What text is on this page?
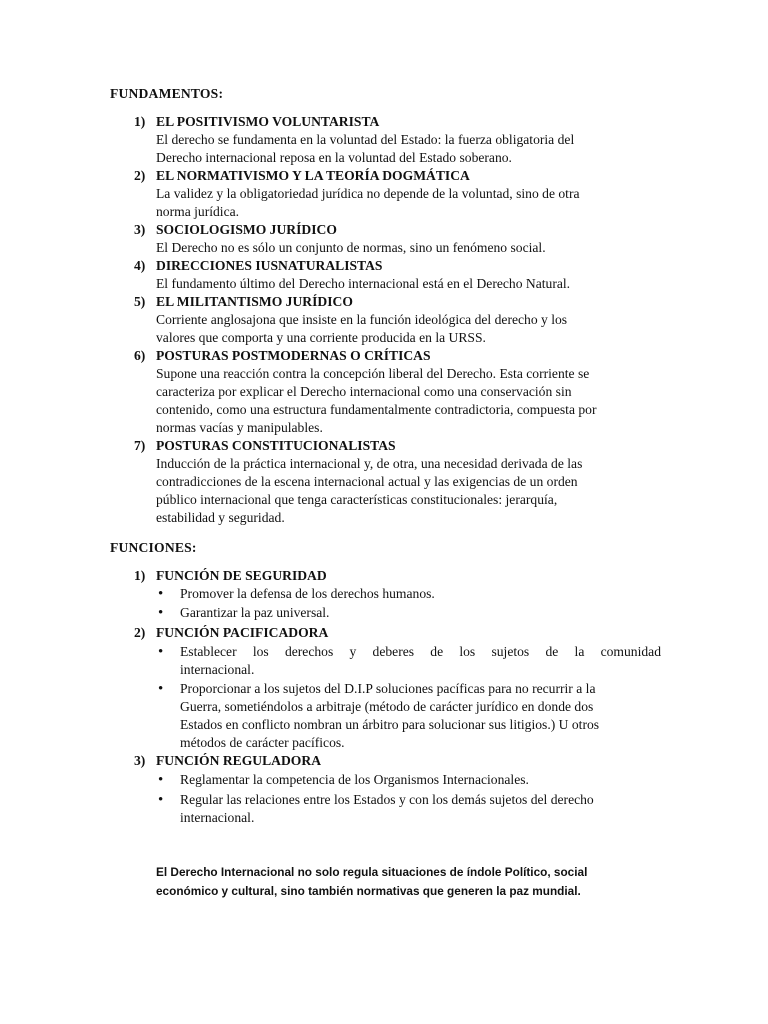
FUNDAMENTOS:
1) EL POSITIVISMO VOLUNTARISTA
El derecho se fundamenta en la voluntad del Estado: la fuerza obligatoria del
Derecho internacional reposa en la voluntad del Estado soberano.
2) EL NORMATIVISMO Y LA TEORÍA DOGMÁTICA
La validez y la obligatoriedad jurídica no depende de la voluntad, sino de otra
norma jurídica.
3) SOCIOLOGISMO JURÍDICO
El Derecho no es sólo un conjunto de normas, sino un fenómeno social.
4) DIRECCIONES IUSNATURALISTAS
El fundamento último del Derecho internacional está en el Derecho Natural.
5) EL MILITANTISMO JURÍDICO
Corriente anglosajona que insiste en la función ideológica del derecho y los
valores que comporta y una corriente producida en la URSS.
6) POSTURAS POSTMODERNAS O CRÍTICAS
Supone una reacción contra la concepción liberal del Derecho. Esta corriente se
caracteriza por explicar el Derecho internacional como una conservación sin
contenido, como una estructura fundamentalmente contradictoria, compuesta por
normas vacías y manipulables.
7) POSTURAS CONSTITUCIONALISTAS
Inducción de la práctica internacional y, de otra, una necesidad derivada de las
contradicciones de la escena internacional actual y las exigencias de un orden
público internacional que tenga características constitucionales: jerarquía,
estabilidad y seguridad.
FUNCIONES:
1) FUNCIÓN DE SEGURIDAD
• Promover la defensa de los derechos humanos.
• Garantizar la paz universal.
2) FUNCIÓN PACIFICADORA
• Establecer los derechos y deberes de los sujetos de la comunidad
internacional.
• Proporcionar a los sujetos del D.I.P soluciones pacíficas para no recurrir a la
Guerra, sometiéndolos a arbitraje (método de carácter jurídico en donde dos
Estados en conflicto nombran un árbitro para solucionar sus litigios.) U otros
métodos de carácter pacíficos.
3) FUNCIÓN REGULADORA
• Reglamentar la competencia de los Organismos Internacionales.
• Regular las relaciones entre los Estados y con los demás sujetos del derecho
internacional.
El Derecho Internacional no solo regula situaciones de índole Político, social
económico y cultural, sino también normativas que generen la paz mundial.
